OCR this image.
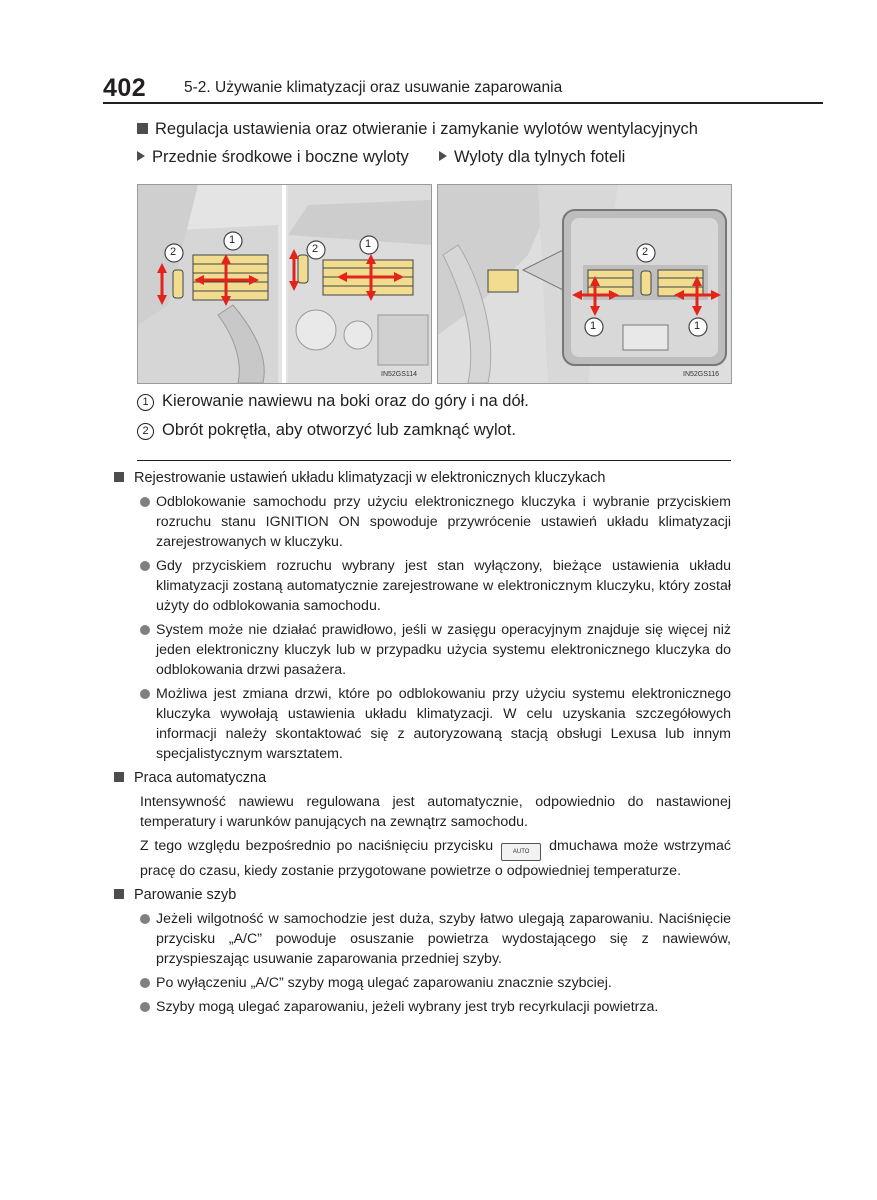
402 5-2. Używanie klimatyzacji oraz usuwanie zaparowania
Regulacja ustawienia oraz otwieranie i zamykanie wylotów wentylacyjnych
Przednie środkowe i boczne wyloty	Wyloty dla tylnych foteli
IN52GS114
2
1
2	1
IN52GS116
2
1	1
1 Kierowanie nawiewu na boki oraz do góry i na dół.
2 Obrót pokrętła, aby otworzyć lub zamknąć wylot.
Rejestrowanie ustawień układu klimatyzacji w elektronicznych kluczykach
Odblokowanie samochodu przy użyciu elektronicznego kluczyka i wybranie przyciskiem rozruchu stanu IGNITION ON spowoduje przywrócenie ustawień układu klimatyzacji zarejestrowanych w kluczyku.
Gdy przyciskiem rozruchu wybrany jest stan wyłączony, bieżące ustawienia układu klimatyzacji zostaną automatycznie zarejestrowane w elektronicznym kluczyku, który został użyty do odblokowania samochodu.
System może nie działać prawidłowo, jeśli w zasięgu operacyjnym znajduje się więcej niż jeden elektroniczny kluczyk lub w przypadku użycia systemu elektronicznego kluczyka do odblokowania drzwi pasażera.
Możliwa jest zmiana drzwi, które po odblokowaniu przy użyciu systemu elektronicznego kluczyka wywołają ustawienia układu klimatyzacji. W celu uzyskania szczegółowych informacji należy skontaktować się z autoryzowaną stacją obsługi Lexusa lub innym specjalistycznym warsztatem.
Praca automatyczna
Intensywność nawiewu regulowana jest automatycznie, odpowiednio do nastawionej temperatury i warunków panujących na zewnątrz samochodu.
Z tego względu bezpośrednio po naciśnięciu przycisku	AUTO dmuchawa może wstrzymać pracę do czasu, kiedy zostanie przygotowane powietrze o odpowiedniej temperaturze.
Parowanie szyb
Jeżeli wilgotność w samochodzie jest duża, szyby łatwo ulegają zaparowaniu. Naciśnięcie przycisku „A/C” powoduje osuszanie powietrza wydostającego się z nawiewów, przyspieszając usuwanie zaparowania przedniej szyby.
Po wyłączeniu „A/C” szyby mogą ulegać zaparowaniu znacznie szybciej.
Szyby mogą ulegać zaparowaniu, jeżeli wybrany jest tryb recyrkulacji powietrza.
